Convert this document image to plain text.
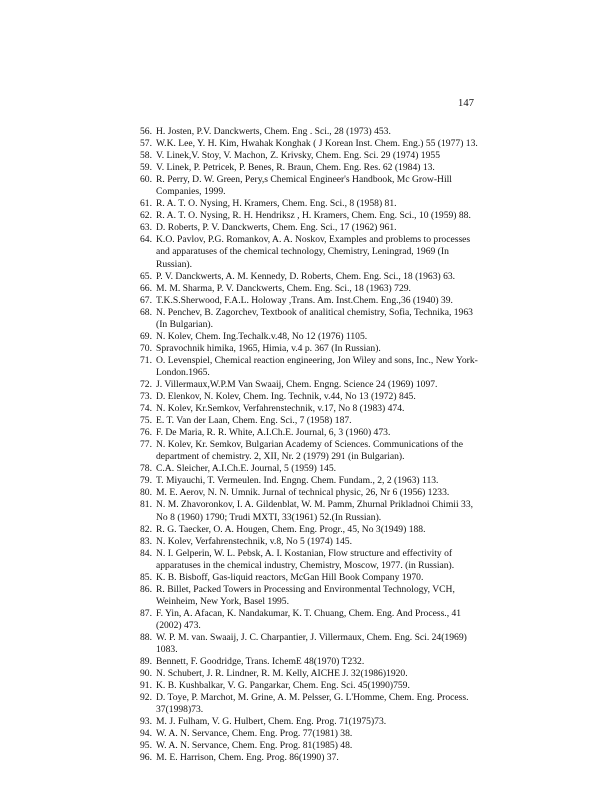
147
56. H. Josten, P.V. Danckwerts, Chem. Eng . Sci., 28 (1973) 453.
57. W.K. Lee, Y. H. Kim, Hwahak Konghak ( J Korean Inst. Chem. Eng.) 55 (1977) 13.
58. V. Linek,V. Stoy, V. Machon, Z. Krivsky, Chem. Eng. Sci. 29 (1974) 1955
59. V. Linek, P. Petricek, P. Benes, R. Braun, Chem. Eng. Res. 62 (1984) 13.
60. R. Perry, D. W. Green, Pery,s Chemical Engineer's Handbook, Mc Grow-Hill Companies, 1999.
61. R. A. T. O. Nysing, H. Kramers, Chem. Eng. Sci., 8 (1958) 81.
62. R. A. T. O. Nysing, R. H. Hendriksz , H. Kramers, Chem. Eng. Sci., 10 (1959) 88.
63. D. Roberts, P. V. Danckwerts, Chem. Eng. Sci., 17 (1962) 961.
64. K.O. Pavlov, P.G. Romankov, A. A. Noskov, Examples and problems to processes and apparatuses of the chemical technology, Chemistry, Leningrad, 1969 (In Russian).
65. P. V. Danckwerts, A. M. Kennedy, D. Roberts, Chem. Eng. Sci., 18 (1963) 63.
66. M. M. Sharma, P. V. Danckwerts, Chem. Eng. Sci., 18 (1963) 729.
67. T.K.S.Sherwood, F.A.L. Holoway ,Trans. Am. Inst.Chem. Eng.,36 (1940) 39.
68. N. Penchev, B. Zagorchev, Textbook of analitical chemistry, Sofia, Technika, 1963 (In Bulgarian).
69. N. Kolev, Chem. Ing.Techalk.v.48, No 12 (1976) 1105.
70. Spravochnik himika, 1965, Himia, v.4 p. 367 (In Russian).
71. O. Levenspiel, Chemical reaction engineering, Jon Wiley and sons, Inc., New York-London.1965.
72. J. Villermaux,W.P.M Van Swaaij, Chem. Engng. Science 24 (1969) 1097.
73. D. Elenkov, N. Kolev, Chem. Ing. Technik, v.44, No 13 (1972) 845.
74. N. Kolev, Kr.Semkov, Verfahrenstechnik, v.17, No 8 (1983) 474.
75. E. T. Van der Laan, Chem. Eng. Sci., 7 (1958) 187.
76. F. De Maria, R. R. White, A.I.Ch.E. Journal, 6, 3 (1960) 473.
77. N. Kolev, Kr. Semkov, Bulgarian Academy of Sciences. Communications of the department of chemistry. 2, XII, Nr. 2 (1979) 291 (in Bulgarian).
78. C.A. Sleicher, A.I.Ch.E. Journal, 5 (1959) 145.
79. T. Miyauchi, T. Vermeulen. Ind. Engng. Chem. Fundam., 2, 2 (1963) 113.
80. M. E. Aerov, N. N. Umnik. Jurnal of technical physic, 26, Nr 6 (1956) 1233.
81. N. M. Zhavoronkov, I. A. Gildenblat, W. M. Pamm, Zhurnal Prikladnoi Chimii 33, No 8 (1960) 1790; Trudi MXTI, 33(1961) 52.(In Russian).
82. R. G. Taecker, O. A. Hougen, Chem. Eng. Progr., 45, No 3(1949) 188.
83. N. Kolev, Verfahrenstechnik, v.8, No 5 (1974) 145.
84. N. I. Gelperin, W. L. Pebsk, A. I. Kostanian, Flow structure and effectivity of apparatuses in the chemical industry, Chemistry, Moscow, 1977. (in Russian).
85. K. B. Bisboff, Gas-liquid reactors, McGan Hill Book Company 1970.
86. R. Billet, Packed Towers in Processing and Environmental Technology, VCH, Weinheim, New York, Basel 1995.
87. F. Yin, A. Afacan, K. Nandakumar, K. T. Chuang, Chem. Eng. And Process., 41 (2002) 473.
88. W. P. M. van. Swaaij, J. C. Charpantier, J. Villermaux, Chem. Eng. Sci. 24(1969) 1083.
89. Bennett, F. Goodridge, Trans. IchemE 48(1970) T232.
90. N. Schubert, J. R. Lindner, R. M. Kelly, AICHE J. 32(1986)1920.
91. K. B. Kushbalkar, V. G. Pangarkar, Chem. Eng. Sci. 45(1990)759.
92. D. Toye, P. Marchot, M. Grine, A. M. Pelsser, G. L'Homme, Chem. Eng. Process. 37(1998)73.
93. M. J. Fulham, V. G. Hulbert, Chem. Eng. Prog. 71(1975)73.
94. W. A. N. Servance, Chem. Eng. Prog. 77(1981) 38.
95. W. A. N. Servance, Chem. Eng. Prog. 81(1985) 48.
96. M. E. Harrison, Chem. Eng. Prog. 86(1990) 37.
